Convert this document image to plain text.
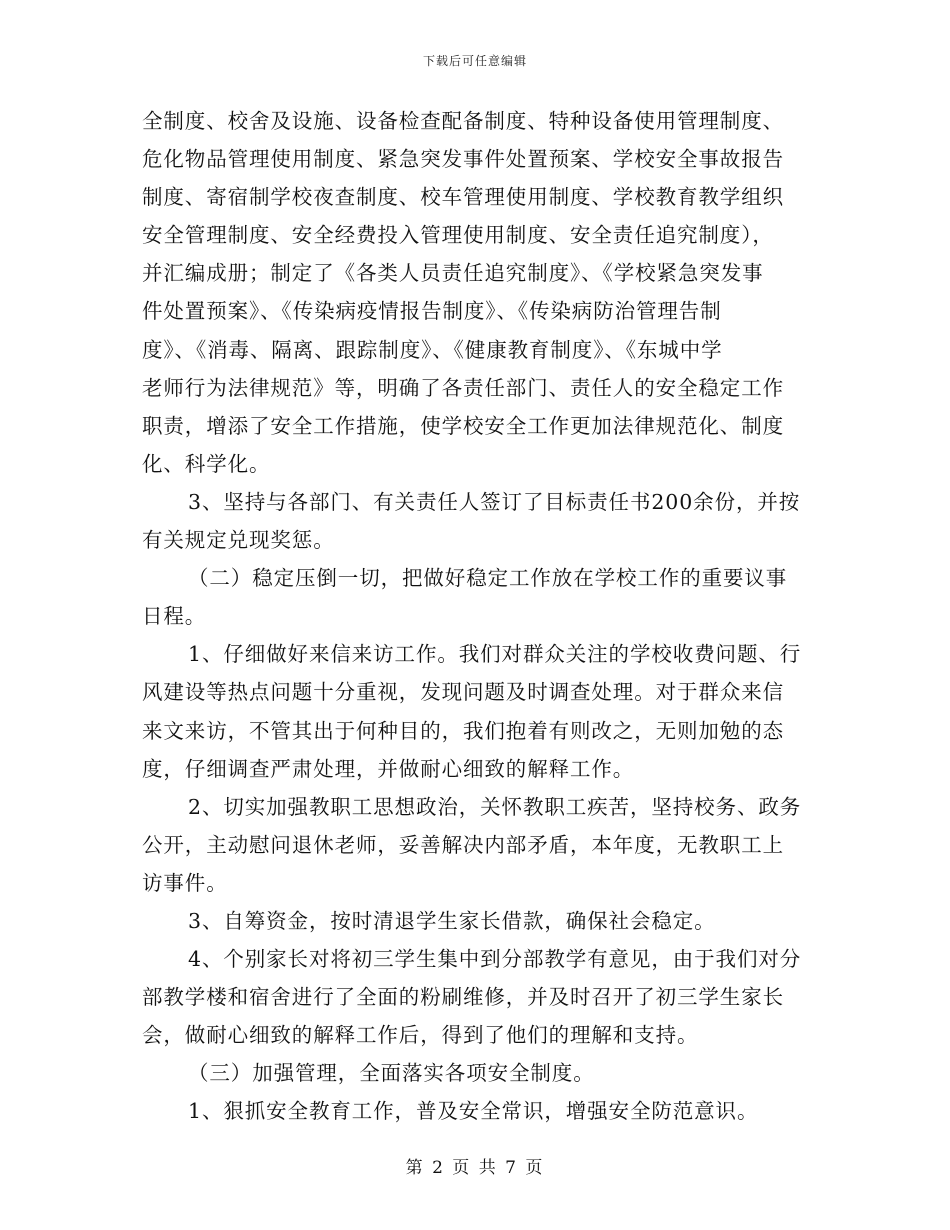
下载后可任意编辑
全制度、校舍及设施、设备检查配备制度、特种设备使用管理制度、
危化物品管理使用制度、紧急突发事件处置预案、学校安全事故报告
制度、寄宿制学校夜查制度、校车管理使用制度、学校教育教学组织
安全管理制度、安全经费投入管理使用制度、安全责任追究制度），
并汇编成册；制定了《各类人员责任追究制度》、《学校紧急突发事
件处置预案》、《传染病疫情报告制度》、《传染病防治管理告制
度》、《消毒、隔离、跟踪制度》、《健康教育制度》、《东城中学
老师行为法律规范》等，明确了各责任部门、责任人的安全稳定工作
职责，增添了安全工作措施，使学校安全工作更加法律规范化、制度
化、科学化。
3、坚持与各部门、有关责任人签订了目标责任书200余份，并按
有关规定兑现奖惩。
（二）稳定压倒一切，把做好稳定工作放在学校工作的重要议事
日程。
1、仔细做好来信来访工作。我们对群众关注的学校收费问题、行
风建设等热点问题十分重视，发现问题及时调查处理。对于群众来信
来文来访，不管其出于何种目的，我们抱着有则改之，无则加勉的态
度，仔细调查严肃处理，并做耐心细致的解释工作。
2、切实加强教职工思想政治，关怀教职工疾苦，坚持校务、政务
公开，主动慰问退休老师，妥善解决内部矛盾，本年度，无教职工上
访事件。
3、自筹资金，按时清退学生家长借款，确保社会稳定。
4、个别家长对将初三学生集中到分部教学有意见，由于我们对分
部教学楼和宿舍进行了全面的粉刷维修，并及时召开了初三学生家长
会，做耐心细致的解释工作后，得到了他们的理解和支持。
（三）加强管理，全面落实各项安全制度。
1、狠抓安全教育工作，普及安全常识，增强安全防范意识。
第 2 页 共 7 页
